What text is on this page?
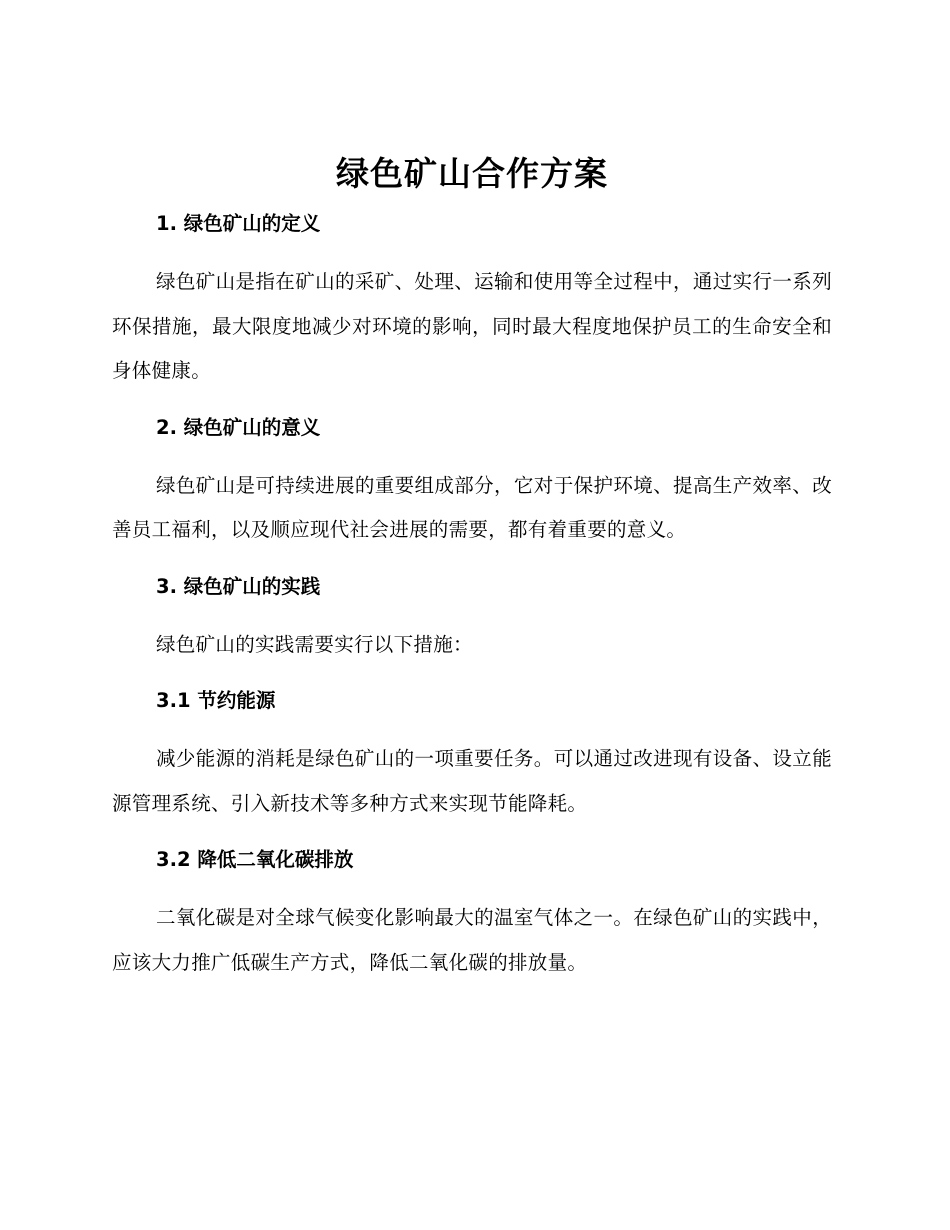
绿色矿山合作方案
1. 绿色矿山的定义

绿色矿山是指在矿山的采矿、处理、运输和使用等全过程中，通过实行一系列环保措施，最大限度地减少对环境的影响，同时最大程度地保护员工的生命安全和身体健康。

2. 绿色矿山的意义

绿色矿山是可持续进展的重要组成部分，它对于保护环境、提高生产效率、改善员工福利，以及顺应现代社会进展的需要，都有着重要的意义。

3. 绿色矿山的实践

绿色矿山的实践需要实行以下措施：

3.1 节约能源

减少能源的消耗是绿色矿山的一项重要任务。可以通过改进现有设备、设立能源管理系统、引入新技术等多种方式来实现节能降耗。

3.2 降低二氧化碳排放

二氧化碳是对全球气候变化影响最大的温室气体之一。在绿色矿山的实践中，应该大力推广低碳生产方式，降低二氧化碳的排放量。
